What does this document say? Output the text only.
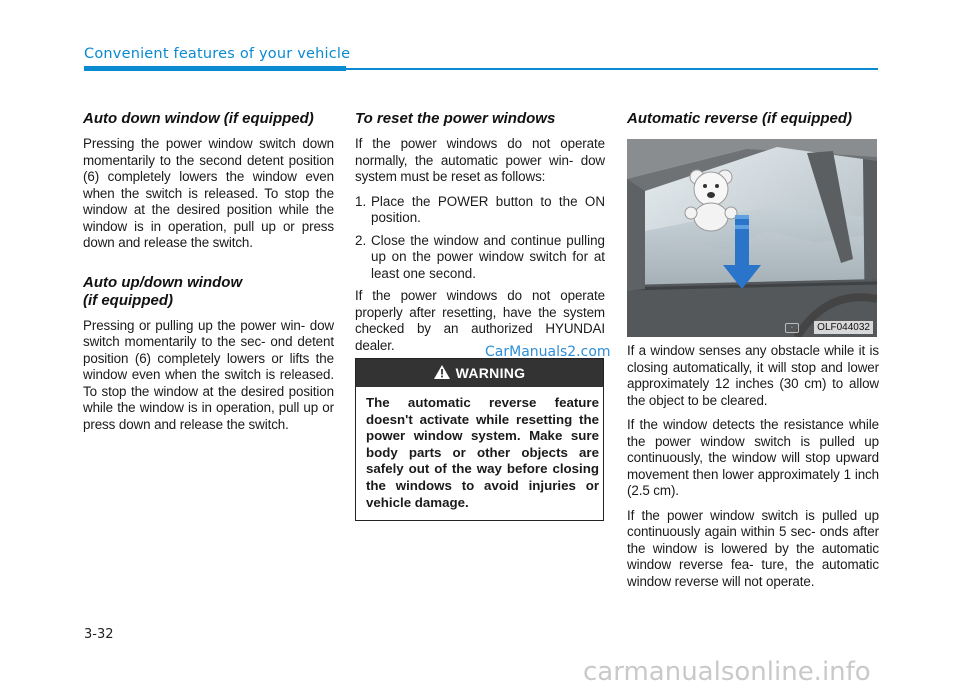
Convenient features of your vehicle
Auto down window (if equipped)

Pressing the power window switch down momentarily to the second detent position (6) completely lowers the window even when the switch is released. To stop the window at the desired position while the window is in operation, pull up or press down and release the switch.

Auto up/down window
(if equipped)

Pressing or pulling up the power win- dow switch momentarily to the sec- ond detent position (6) completely lowers or lifts the window even when the switch is released. To stop the window at the desired position while the window is in operation, pull up or press down and release the switch.

To reset the power windows

If the power windows do not operate normally, the automatic power win- dow system must be reset as follows:

1. Place the POWER button to the ON position.
2. Close the window and continue pulling up on the power window switch for at least one second.

If the power windows do not operate properly after resetting, have the system checked by an authorized HYUNDAI dealer.

WARNING
The automatic reverse feature doesn't activate while resetting the power window system. Make sure body parts or other objects are safely out of the way before closing the windows to avoid injuries or vehicle damage.
CarManuals2.com
Automatic reverse (if equipped)
◦	OLF044032

If a window senses any obstacle while it is closing automatically, it will stop and lower approximately 12 inches (30 cm) to allow the object to be cleared.

If the window detects the resistance while the power window switch is pulled up continuously, the window will stop upward movement then lower approximately 1 inch (2.5 cm).

If the power window switch is pulled up continuously again within 5 sec- onds after the window is lowered by the automatic window reverse fea- ture, the automatic window reverse will not operate.

3-32
carmanualsonline.info
